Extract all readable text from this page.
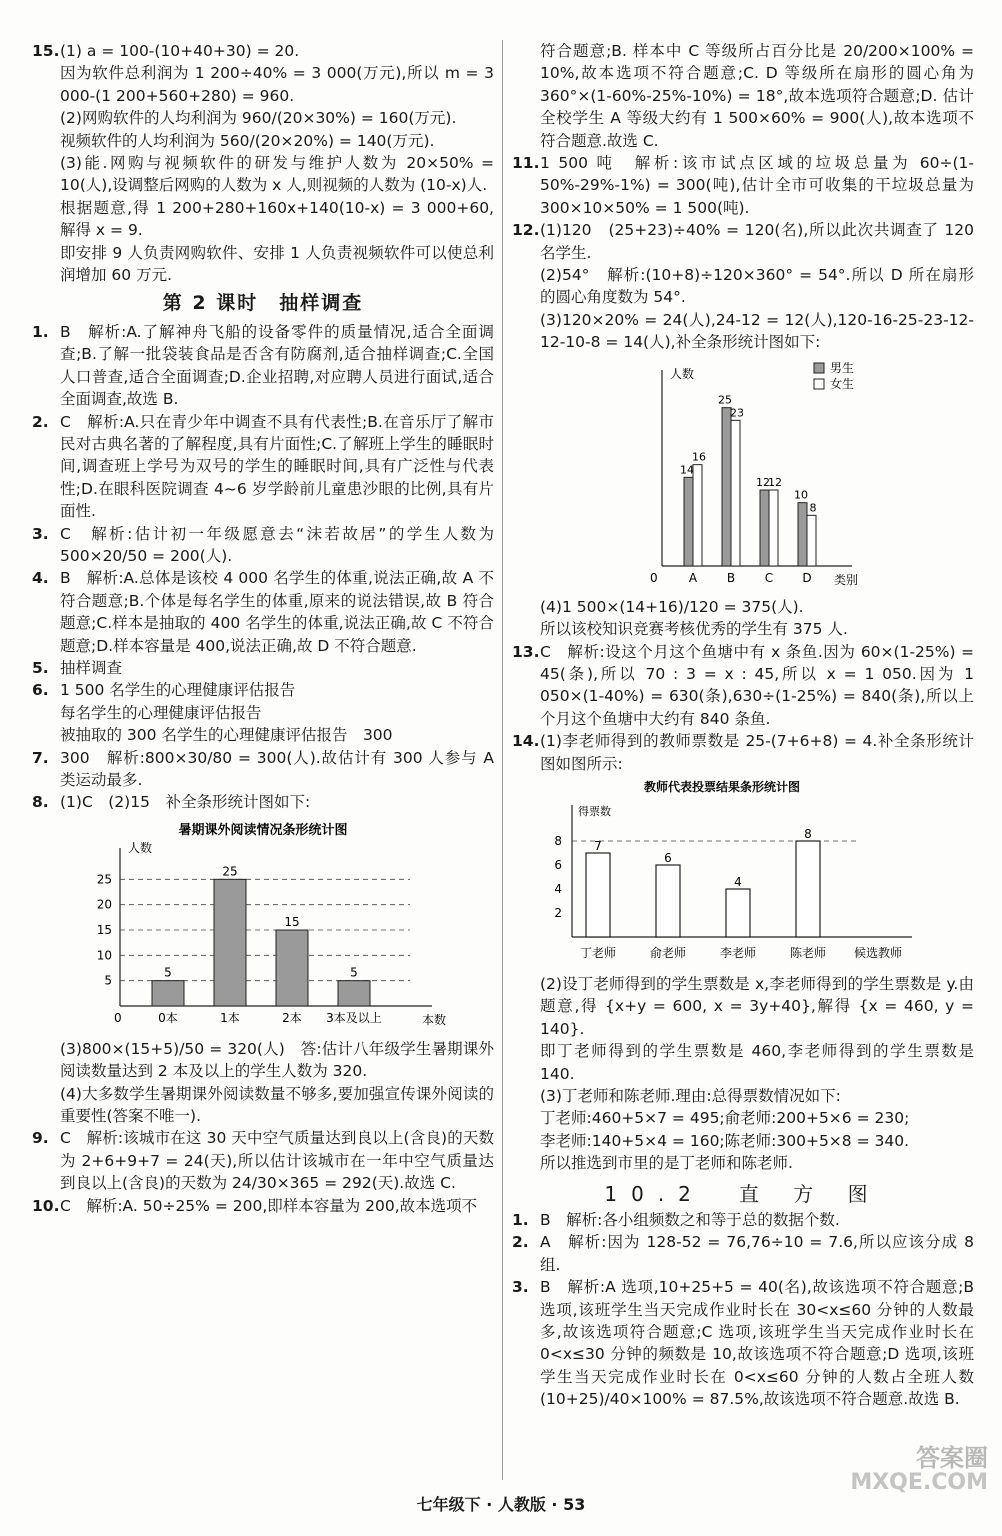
15. (1) a = 100-(10+40+30) = 20.

因为软件总利润为 1 200÷40% = 3 000(万元),所以 m = 3 000-(1 200+560+280) = 960.

(2)网购软件的人均利润为 960/(20×30%) = 160(万元).

视频软件的人均利润为 560/(20×20%) = 140(万元).

(3)能.网购与视频软件的研发与维护人数为 20×50% = 10(人),设调整后网购的人数为 x 人,则视频的人数为 (10-x)人.

根据题意,得 1 200+280+160x+140(10-x) = 3 000+60,解得 x = 9.

即安排 9 人负责网购软件、安排 1 人负责视频软件可以使总利润增加 60 万元.

第 2 课时　抽样调查
1. B　解析:A.了解神舟飞船的设备零件的质量情况,适合全面调查;B.了解一批袋装食品是否含有防腐剂,适合抽样调查;C.全国人口普查,适合全面调查;D.企业招聘,对应聘人员进行面试,适合全面调查,故选 B.
2. C　解析:A.只在青少年中调查不具有代表性;B.在音乐厅了解市民对古典名著的了解程度,具有片面性;C.了解班上学生的睡眠时间,调查班上学号为双号的学生的睡眠时间,具有广泛性与代表性;D.在眼科医院调查 4~6 岁学龄前儿童患沙眼的比例,具有片面性.
3. C　解析:估计初一年级愿意去“沫若故居”的学生人数为 500×20/50 = 200(人).
4. B　解析:A.总体是该校 4 000 名学生的体重,说法正确,故 A 不符合题意;B.个体是每名学生的体重,原来的说法错误,故 B 符合题意;C.样本是抽取的 400 名学生的体重,说法正确,故 C 不符合题意;D.样本容量是 400,说法正确,故 D 不符合题意.
5. 抽样调查
6. 1 500 名学生的心理健康评估报告
每名学生的心理健康评估报告
被抽取的 300 名学生的心理健康评估报告　300
7. 300　解析:800×30/80 = 300(人).故估计有 300 人参与 A 类运动最多.
8. (1)C　(2)15　补全条形统计图如下:
暑期课外阅读情况条形统计图
人数
本数
0
5
10
15
20
25
5
0本
25
1本
15
2本
5
3本及以上

(3)800×(15+5)/50 = 320(人)　答:估计八年级学生暑期课外阅读数量达到 2 本及以上的学生人数为 320.

(4)大多数学生暑期课外阅读数量不够多,要加强宣传课外阅读的重要性(答案不唯一).

9. C　解析:该城市在这 30 天中空气质量达到良以上(含良)的天数为 2+6+9+7 = 24(天),所以估计该城市在一年中空气质量达到良以上(含良)的天数为 24/30×365 = 292(天).故选 C.
10. C　解析:A. 50÷25% = 200,即样本容量为 200,故本选项不

符合题意;B. 样本中 C 等级所占百分比是 20/200×100% = 10%,故本选项不符合题意;C. D 等级所在扇形的圆心角为 360°×(1-60%-25%-10%) = 18°,故本选项符合题意;D. 估计全校学生 A 等级大约有 1 500×60% = 900(人),故本选项不符合题意.故选 C.

11. 1 500 吨　解析:该市试点区域的垃圾总量为 60÷(1-50%-29%-1%) = 300(吨),估计全市可收集的干垃圾总量为 300×10×50% = 1 500(吨).
12. (1)120　(25+23)÷40% = 120(名),所以此次共调查了 120 名学生.

(2)54°　解析:(10+8)÷120×360° = 54°.所以 D 所在扇形的圆心角度数为 54°.

(3)120×20% = 24(人),24-12 = 12(人),120-16-25-23-12-12-10-8 = 14(人),补全条形统计图如下:

人数
类别
0
男生
女生
14
16
A
25
23
B
12
12
C
10
8
D

(4)1 500×(14+16)/120 = 375(人).

所以该校知识竞赛考核优秀的学生有 375 人.

13. C　解析:设这个月这个鱼塘中有 x 条鱼.因为 60×(1-25%) = 45(条),所以 70 : 3 = x : 45,所以 x = 1 050.因为 1 050×(1-40%) = 630(条),630÷(1-25%) = 840(条),所以上个月这个鱼塘中大约有 840 条鱼.
14. (1)李老师得到的教师票数是 25-(7+6+8) = 4.补全条形统计图如图所示:
教师代表投票结果条形统计图
得票数
2
4
6
8	7
丁老师
6
俞老师
4
李老师
8
陈老师 候选教师

(2)设丁老师得到的学生票数是 x,李老师得到的学生票数是 y.由题意,得 {x+y = 600, x = 3y+40},解得 {x = 460, y = 140}.

即丁老师得到的学生票数是 460,李老师得到的学生票数是 140.

(3)丁老师和陈老师.理由:总得票数情况如下:

丁老师:460+5×7 = 495;俞老师:200+5×6 = 230;

李老师:140+5×4 = 160;陈老师:300+5×8 = 340.

所以推选到市里的是丁老师和陈老师.

10.2　直 方 图
1. B　解析:各小组频数之和等于总的数据个数.
2. A　解析:因为 128-52 = 76,76÷10 = 7.6,所以应该分成 8 组.
3. B　解析:A 选项,10+25+5 = 40(名),故该选项不符合题意;B 选项,该班学生当天完成作业时长在 30<x≤60 分钟的人数最多,故该选项符合题意;C 选项,该班学生当天完成作业时长在 0<x≤30 分钟的频数是 10,故该选项不符合题意;D 选项,该班学生当天完成作业时长在 0<x≤60 分钟的人数占全班人数 (10+25)/40×100% = 87.5%,故该选项不符合题意.故选 B.
七年级下 · 人教版 · 53
答案圈
MXQE.COM
